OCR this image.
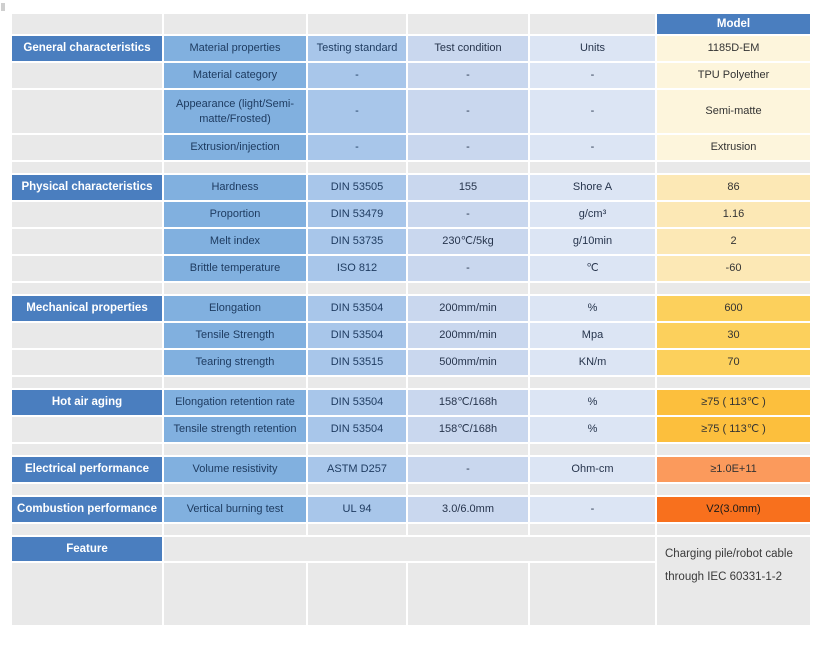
					Model
General characteristics	Material properties	Testing standard	Test condition	Units	1185D-EM
	Material category	-	-	-	TPU Polyether
	Appearance (light/Semi-matte/Frosted)	-	-	-	Semi-matte
	Extrusion/injection	-	-	-	Extrusion

Physical characteristics	Hardness	DIN 53505	155	Shore A	86
	Proportion	DIN 53479	-	g/cm³	1.16
	Melt index	DIN 53735	230℃/5kg	g/10min	2
	Brittle temperature	ISO 812	-	℃	-60

Mechanical properties	Elongation	DIN 53504	200mm/min	%	600
	Tensile Strength	DIN 53504	200mm/min	Mpa	30
	Tearing strength	DIN 53515	500mm/min	KN/m	70

Hot air aging	Elongation retention rate	DIN 53504	158℃/168h	%	≥75 ( 113℃ )
	Tensile strength retention	DIN 53504	158℃/168h	%	≥75 ( 113℃ )

Electrical performance	Volume resistivity	ASTM D257	-	Ohm-cm	≥1.0E+11

Combustion performance	Vertical burning test	UL 94	3.0/6.0mm	-	V2(3.0mm)

Feature					Charging pile/robot cable through IEC 60331-1-2
